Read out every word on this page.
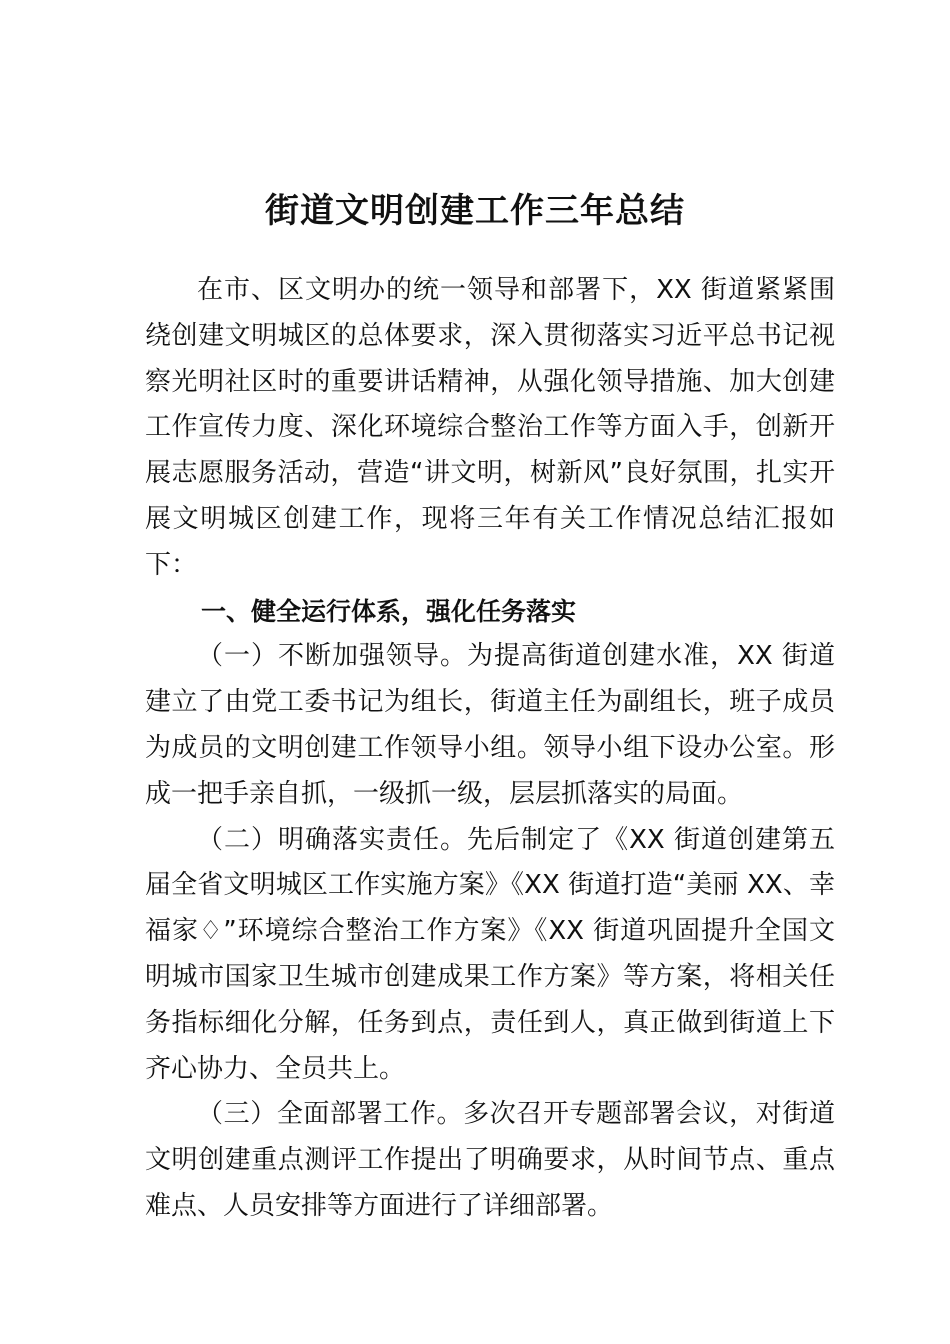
街道文明创建工作三年总结

在市、区文明办的统一领导和部署下，XX 街道紧紧围绕创建文明城区的总体要求，深入贯彻落实习近平总书记视察光明社区时的重要讲话精神，从强化领导措施、加大创建工作宣传力度、深化环境综合整治工作等方面入手，创新开 展志愿服务活动，营造“讲文明，树新风”良好氛围，扎实开 展文明城区创建工作，现将三年有关工作情况总结汇报如下：

一、健全运行体系，强化任务落实

（一）不断加强领导。为提高街道创建水准，XX 街道建立了由党工委书记为组长，街道主任为副组长，班子成员为成员的文明创建工作领导小组。领导小组下设办公室。形成一把手亲自抓，一级抓一级，层层抓落实的局面。

（二）明确落实责任。先后制定了《XX 街道创建第五届全省文明城区工作实施方案》《XX 街道打造“美丽 XX、幸福家♢”环境综合整治工作方案》《XX 街道巩固提升全国文明城市国家卫生城市创建成果工作方案》等方案，将相关任务指标细化分解，任务到点，责任到人，真正做到街道上下齐心协力、全员共上。

（三）全面部署工作。多次召开专题部署会议，对街道文明创建重点测评工作提出了明确要求，从时间节点、重点难点、人员安排等方面进行了详细部署。
